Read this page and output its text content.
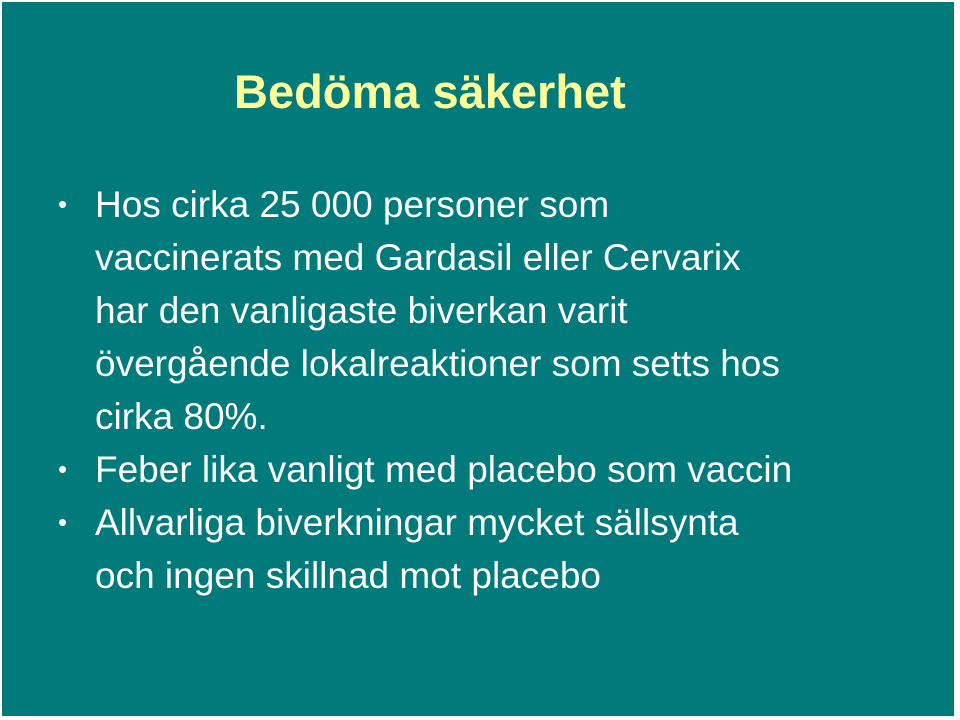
Bedöma säkerhet
• Hos cirka 25 000 personer som
vaccinerats med Gardasil eller Cervarix
har den vanligaste biverkan varit
övergående lokalreaktioner som setts hos
cirka 80%.
• Feber lika vanligt med placebo som vaccin
• Allvarliga biverkningar mycket sällsynta
och ingen skillnad mot placebo
